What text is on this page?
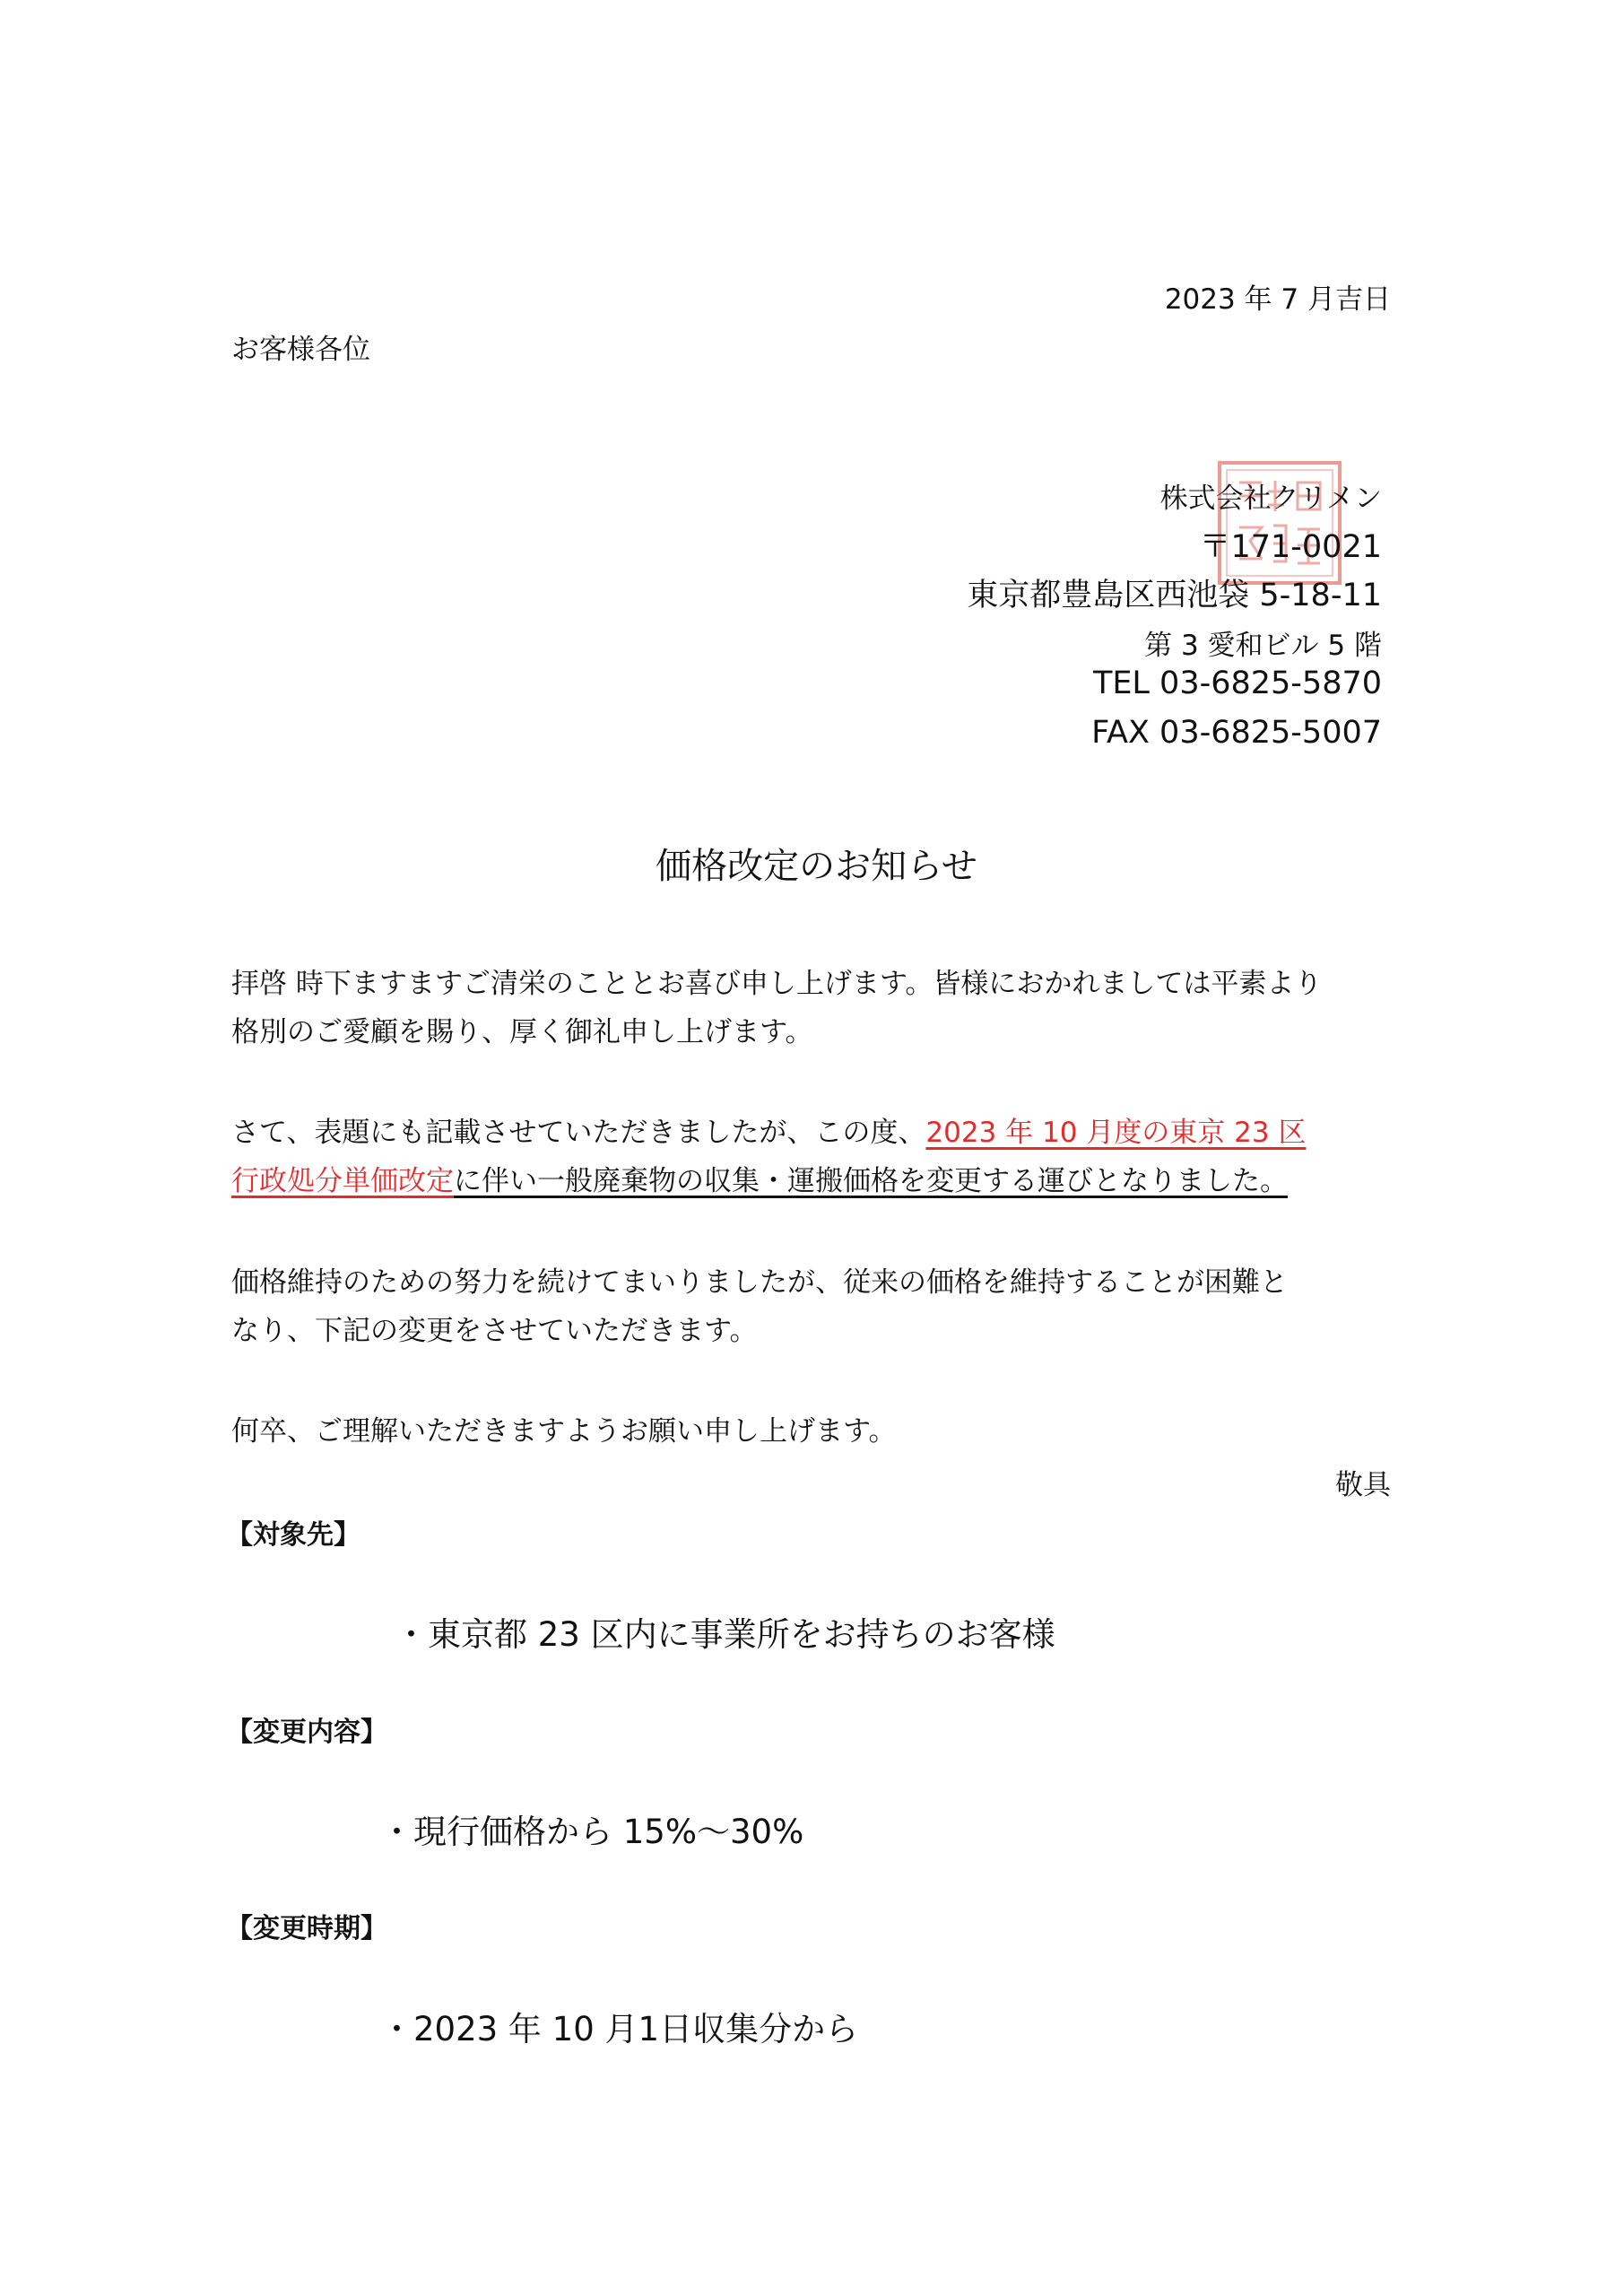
2023 年 7 月吉日
お客様各位
株式会社クリメン
〒171-0021
東京都豊島区西池袋 5-18-11
第 3 愛和ビル 5 階
TEL 03-6825-5870
FAX 03-6825-5007
価格改定のお知らせ
拝啓 時下ますますご清栄のこととお喜び申し上げます。皆様におかれましては平素より
格別のご愛顧を賜り、厚く御礼申し上げます。
さて、表題にも記載させていただきましたが、この度、2023 年 10 月度の東京 23 区
行政処分単価改定に伴い一般廃棄物の収集・運搬価格を変更する運びとなりました。
価格維持のための努力を続けてまいりましたが、従来の価格を維持することが困難と
なり、下記の変更をさせていただきます。
何卒、ご理解いただきますようお願い申し上げます。
敬具
【対象先】
・東京都 23 区内に事業所をお持ちのお客様
【変更内容】
・現行価格から 15%～30%
【変更時期】
・2023 年 10 月1日収集分から
